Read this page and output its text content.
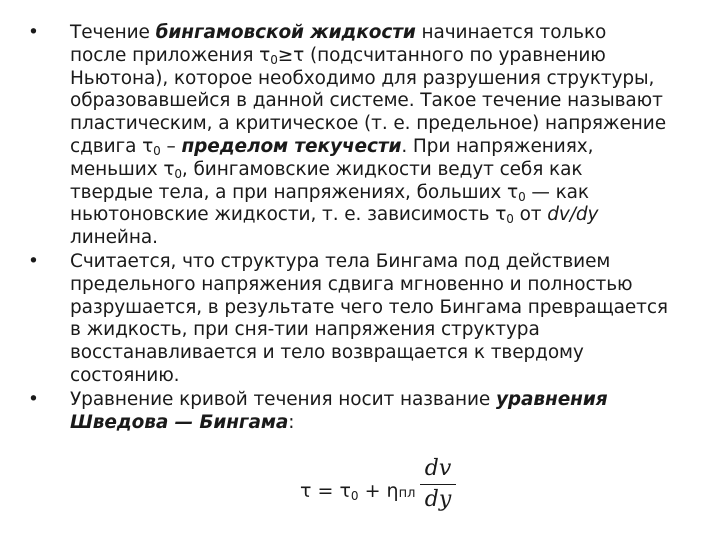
•	Течение бингамовской жидкости начинается только после приложения $\tau_0\ge\tau$ (подсчитанного по уравнению Ньютона), которое необходимо для разрушения структуры, образовавшейся в данной системе. Такое течение называют пластическим, а критическое (т. е. предельное) напряжение сдвига $\tau_0$ – пределом текучести. При напряжениях, меньших $\tau_0$, бингамовские жидкости ведут себя как твердые тела, а при напряжениях, больших $\tau_0$ — как ньютоновские жидкости, т. е. зависимость $\tau_0$ от dv/dy линейна.
•	Считается, что структура тела Бингама под действием предельного напряжения сдвига мгновенно и полностью разрушается, в результате чего тело Бингама превращается в жидкость, при сня-тии напряжения структура восстанавливается и тело возвращается к твердому состоянию.
•	Уравнение кривой течения носит название уравнения Шведова — Бингама:
$\tau = \tau_0 + \eta пл$
dv
dy
